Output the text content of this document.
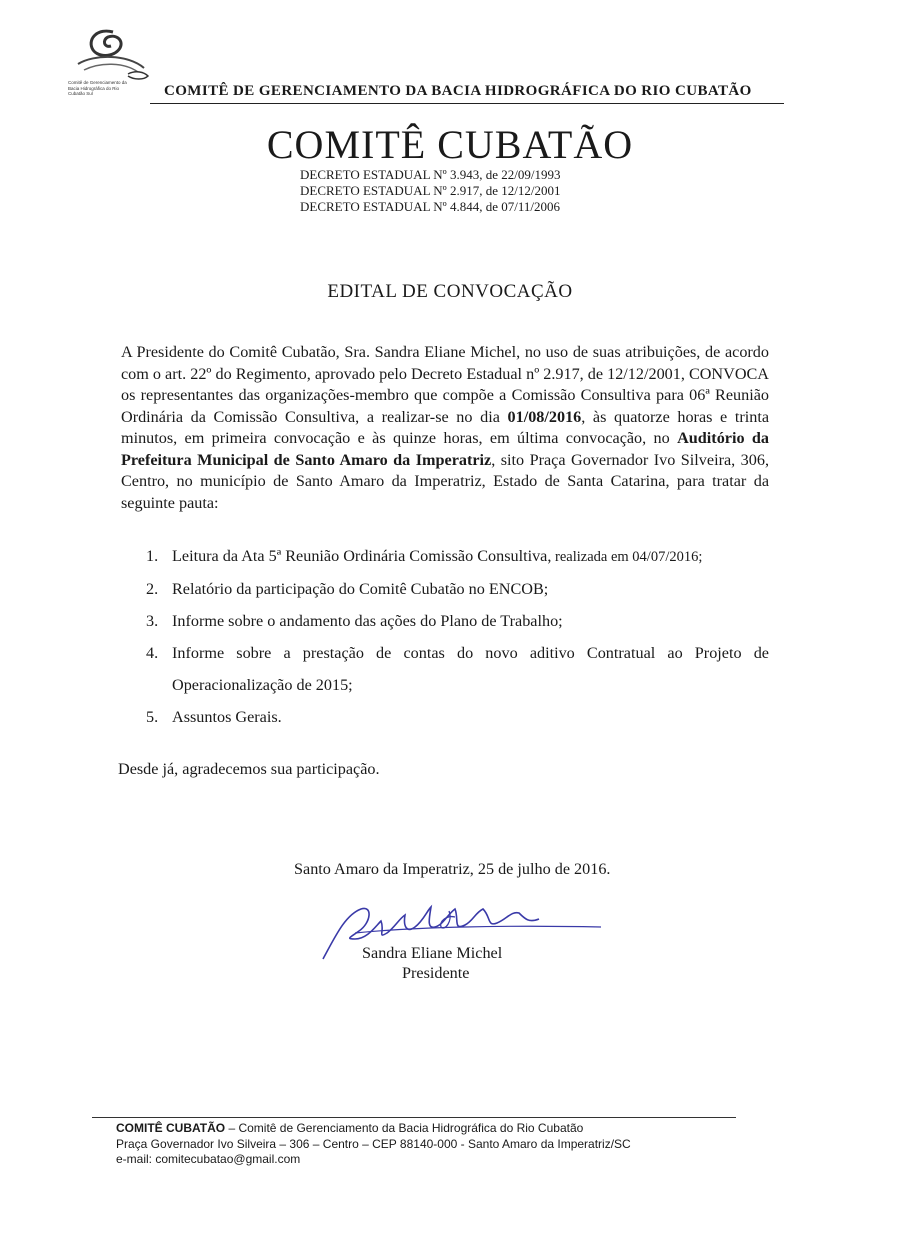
Comitê de Gerenciamento da Bacia Hidrográfica do Rio Cubatão Sul	COMITÊ DE GERENCIAMENTO DA BACIA HIDROGRÁFICA DO RIO CUBATÃO
COMITÊ CUBATÃO
DECRETO ESTADUAL Nº 3.943, de 22/09/1993
DECRETO ESTADUAL Nº 2.917, de 12/12/2001
DECRETO ESTADUAL Nº 4.844, de 07/11/2006
EDITAL DE CONVOCAÇÃO

A Presidente do Comitê Cubatão, Sra. Sandra Eliane Michel, no uso de suas atribuições, de acordo com o art. 22º do Regimento, aprovado pelo Decreto Estadual nº 2.917, de 12/12/2001, CONVOCA os representantes das organizações-membro que compõe a Comissão Consultiva para 06ª Reunião Ordinária da Comissão Consultiva, a realizar-se no dia 01/08/2016, às quatorze horas e trinta minutos, em primeira convocação e às quinze horas, em última convocação, no Auditório da Prefeitura Municipal de Santo Amaro da Imperatriz, sito Praça Governador Ivo Silveira, 306, Centro, no município de Santo Amaro da Imperatriz, Estado de Santa Catarina, para tratar da seguinte pauta:

1. Leitura da Ata 5ª Reunião Ordinária Comissão Consultiva, realizada em 04/07/2016;
2. Relatório da participação do Comitê Cubatão no ENCOB;
3. Informe sobre o andamento das ações do Plano de Trabalho;
4. Informe sobre a prestação de contas do novo aditivo Contratual ao Projeto de Operacionalização de 2015;
5. Assuntos Gerais.
Desde já, agradecemos sua participação.
Santo Amaro da Imperatriz, 25 de julho de 2016.
Sandra Eliane Michel
Presidente
COMITÊ CUBATÃO – Comitê de Gerenciamento da Bacia Hidrográfica do Rio Cubatão
Praça Governador Ivo Silveira – 306 – Centro – CEP 88140-000 - Santo Amaro da Imperatriz/SC
e-mail: comitecubatao@gmail.com
